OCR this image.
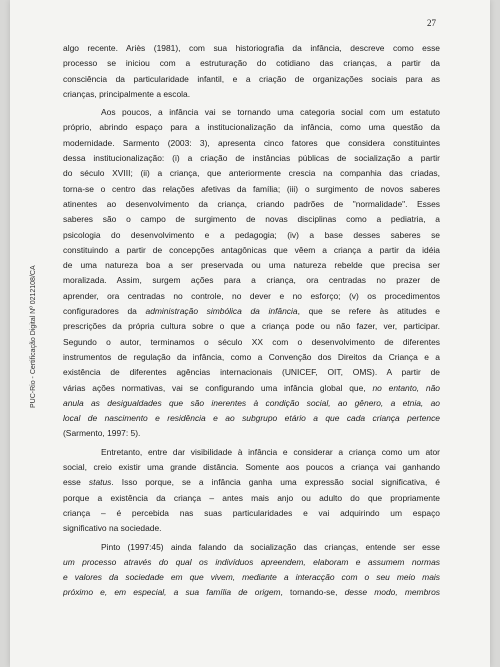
27
PUC-Rio - Certificação Digital Nº 0212108/CA
algo recente. Ariès (1981), com sua historiografia da infância, descreve como esse
processo se iniciou com a estruturação do cotidiano das crianças, a partir da
consciência da particularidade infantil, e a criação de organizações sociais para as
crianças, principalmente a escola.
Aos poucos, a infância vai se tornando uma categoria social com um estatuto
próprio, abrindo espaço para a institucionalização da infância, como uma questão da
modernidade. Sarmento (2003: 3), apresenta cinco fatores que considera constituintes
dessa institucionalização: (i) a criação de instâncias públicas de socialização a partir
do século XVIII; (ii) a criança, que anteriormente crescia na companhia das criadas,
torna-se o centro das relações afetivas da família; (iii) o surgimento de novos saberes
atinentes ao desenvolvimento da criança, criando padrões de "normalidade". Esses
saberes são o campo de surgimento de novas disciplinas como a pediatria, a
psicologia do desenvolvimento e a pedagogia; (iv) a base desses saberes se
constituindo a partir de concepções antagônicas que vêem a criança a partir da idéia
de uma natureza boa a ser preservada ou uma natureza rebelde que precisa ser
moralizada. Assim, surgem ações para a criança, ora centradas no prazer de
aprender, ora centradas no controle, no dever e no esforço; (v) os procedimentos
configuradores da administração simbólica da infância, que se refere às atitudes e
prescrições da própria cultura sobre o que a criança pode ou não fazer, ver, participar.
Segundo o autor, terminamos o século XX com o desenvolvimento de diferentes
instrumentos de regulação da infância, como a Convenção dos Direitos da Criança e a
existência de diferentes agências internacionais (UNICEF, OIT, OMS). A partir de
várias ações normativas, vai se configurando uma infância global que, no entanto, não
anula as desigualdades que são inerentes à condição social, ao gênero, a etnia, ao
local de nascimento e residência e ao subgrupo etário a que cada criança pertence
(Sarmento, 1997: 5).
Entretanto, entre dar visibilidade à infância e considerar a criança como um ator
social, creio existir uma grande distância. Somente aos poucos a criança vai ganhando
esse status. Isso porque, se a infância ganha uma expressão social significativa, é
porque a existência da criança – antes mais anjo ou adulto do que propriamente
criança – é percebida nas suas particularidades e vai adquirindo um espaço
significativo na sociedade.
Pinto (1997:45) ainda falando da socialização das crianças, entende ser esse
um processo através do qual os indivíduos apreendem, elaboram e assumem normas
e valores da sociedade em que vivem, mediante a interacção com o seu meio mais
próximo e, em especial, a sua família de origem, tornando-se, desse modo, membros
